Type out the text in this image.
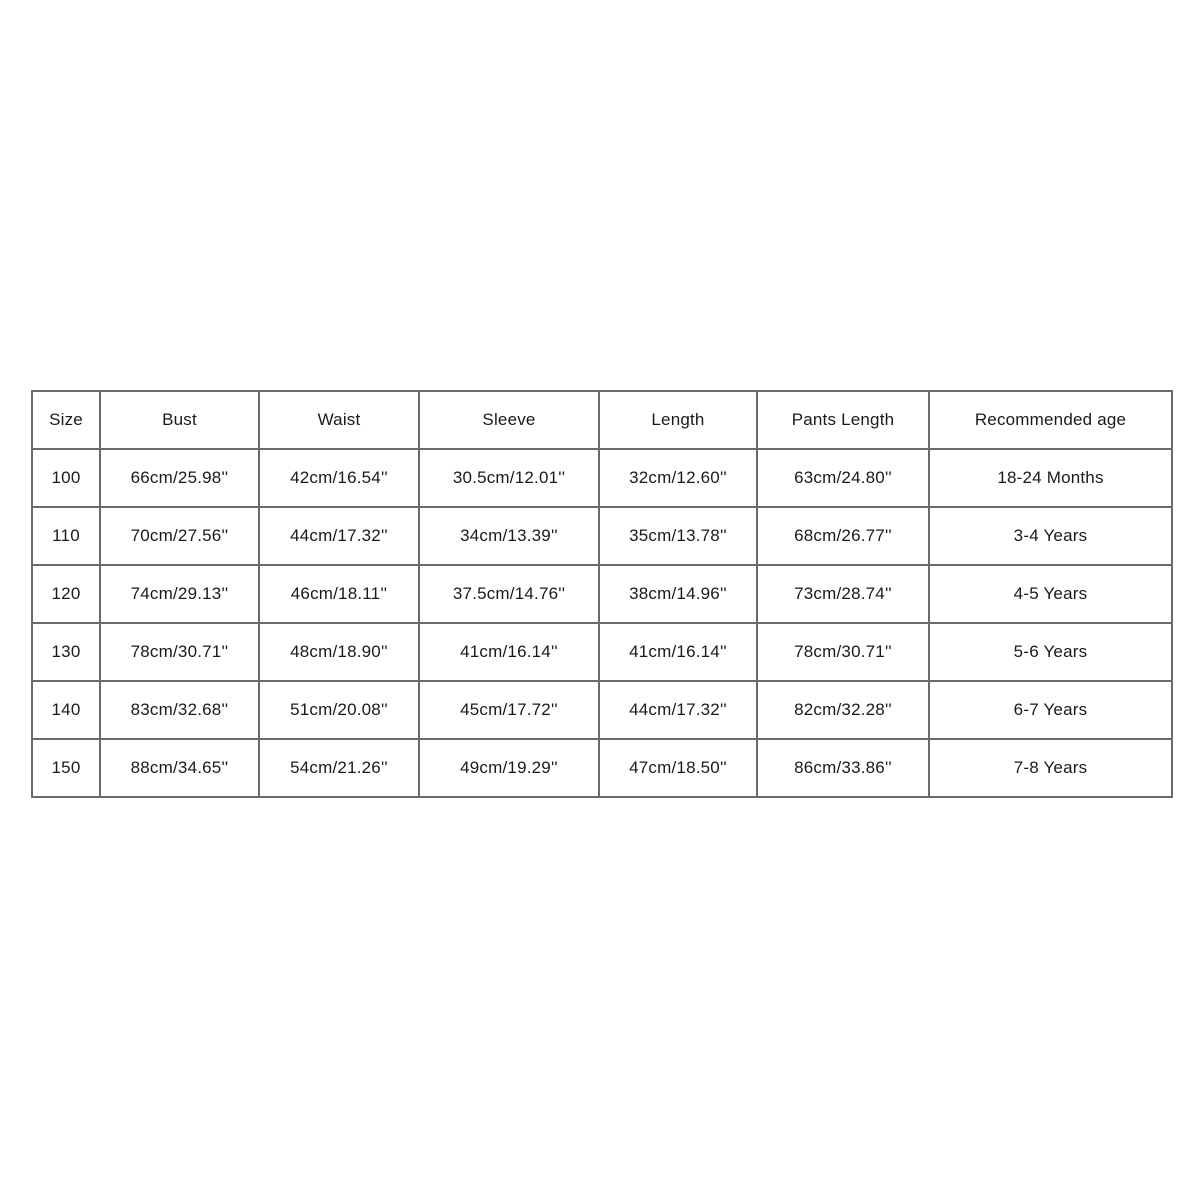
Size	Bust	Waist	Sleeve	Length	Pants Length	Recommended age
100	66cm/25.98''	42cm/16.54''	30.5cm/12.01''	32cm/12.60''	63cm/24.80''	18-24 Months
110	70cm/27.56''	44cm/17.32''	34cm/13.39''	35cm/13.78''	68cm/26.77''	3-4 Years
120	74cm/29.13''	46cm/18.11''	37.5cm/14.76''	38cm/14.96''	73cm/28.74''	4-5 Years
130	78cm/30.71''	48cm/18.90''	41cm/16.14''	41cm/16.14''	78cm/30.71''	5-6 Years
140	83cm/32.68''	51cm/20.08''	45cm/17.72''	44cm/17.32''	82cm/32.28''	6-7 Years
150	88cm/34.65''	54cm/21.26''	49cm/19.29''	47cm/18.50''	86cm/33.86''	7-8 Years
